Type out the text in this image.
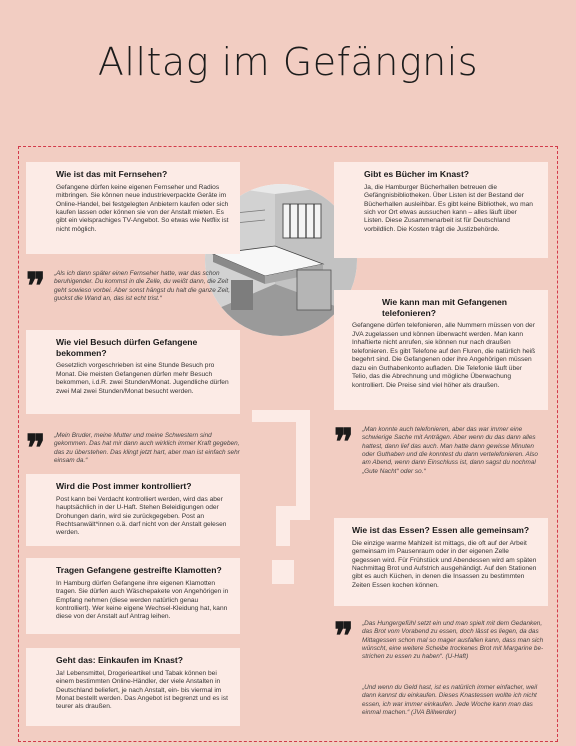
Alltag im Gefängnis
Wie ist das mit Fernsehen?

Gefangene dürfen keine eigenen Fernseher und Radios mitbringen. Sie können neue industrieverpackte Geräte im Online-Handel, bei festgelegten Anbietern kaufen oder sich kaufen lassen oder können sie von der Anstalt mieten. Es gibt ein vielsprachiges TV-Angebot. So etwas wie Netflix ist nicht möglich.

❞ „Als ich dann später einen Fernseher hatte, war das schon beruhigender. Du kommst in die Zelle, du weißt dann, die Zeit geht sowieso vorbei. Aber sonst hängst du halt die ganze Zeit, guckst die Wand an, das ist echt trist.“
Wie viel Besuch dürfen Gefangene bekommen?

Gesetzlich vorgeschrieben ist eine Stunde Besuch pro Monat. Die meisten Gefangenen dürfen mehr Besuch bekommen, i.d.R. zwei Stunden/Monat. Jugendliche dürfen zwei Mal zwei Stunden/Monat besucht werden.

❞ „Mein Bruder, meine Mutter und meine Schwestern sind gekommen. Das hat mir dann auch wirklich immer Kraft gegeben, das zu überstehen. Das klingt jetzt hart, aber man ist einfach sehr einsam da.“
Wird die Post immer kontrolliert?

Post kann bei Verdacht kontrolliert werden, wird das aber hauptsächlich in der U-Haft. Stehen Beleidigungen oder Drohungen darin, wird sie zurückgegeben. Post an Rechtsanwält*innen o.ä. darf nicht von der Anstalt gelesen werden.

Tragen Gefangene gestreifte Klamotten?

In Hamburg dürfen Gefangene ihre eigenen Klamotten tragen. Sie dürfen auch Wäschepakete von Angehörigen in Empfang nehmen (diese werden natürlich genau kontrolliert). Wer keine eigene Wechsel-Kleidung hat, kann diese von der Anstalt auf Antrag leihen.

Geht das: Einkaufen im Knast?

Ja! Lebensmittel, Drogerieartikel und Tabak können bei einem bestimmten Online-Händler, der viele Anstalten in Deutschland beliefert, je nach Anstalt, ein- bis viermal im Monat bestellt werden. Das Angebot ist begrenzt und es ist teurer als draußen.

Gibt es Bücher im Knast?

Ja, die Hamburger Bücherhallen betreuen die Gefängnisbibliotheken. Über Listen ist der Bestand der Bücherhallen ausleihbar. Es gibt keine Bibliothek, wo man sich vor Ort etwas aussuchen kann – alles läuft über Listen. Diese Zusammenarbeit ist für Deutschland vorbildlich. Die Kosten trägt die Justizbehörde.

Wie kann man mit Gefangenen telefonieren?

Gefangene dürfen telefonieren, alle Nummern müssen von der JVA zugelassen und können überwacht werden. Man kann Inhaftierte nicht anrufen, sie können nur nach draußen telefonieren. Es gibt Telefone auf den Fluren, die natürlich heiß begehrt sind. Die Gefangenen oder ihre Angehörigen müssen dazu ein Guthabenkonto aufladen. Die Telefonie läuft über Telio, das die Abrechnung und mögliche Überwachung kontrolliert. Die Preise sind viel höher als draußen.

❞ „Man konnte auch telefonieren, aber das war immer eine schwierige Sache mit Anträgen. Aber wenn du das dann alles hattest, dann lief das auch. Man hatte dann gewisse Minuten oder Guthaben und die konntest du dann vertelefonieren. Also am Abend, wenn dann Einschluss ist, dann sagst du nochmal „Gute Nacht“ oder so.“
Wie ist das Essen? Essen alle gemeinsam?

Die einzige warme Mahlzeit ist mittags, die oft auf der Arbeit gemeinsam im Pausenraum oder in der eigenen Zelle gegessen wird. Für Frühstück und Abendessen wird am späten Nachmittag Brot und Aufstrich ausgehändigt. Auf den Stationen gibt es auch Küchen, in denen die Insassen zu bestimmten Zeiten Essen kochen können.

❞ „Das Hungergefühl setzt ein und man spielt mit dem Gedanken, das Brot vom Vorabend zu essen, doch lässt es liegen, da das Mittagessen schon mal so mager ausfallen kann, dass man sich wünscht, eine weitere Scheibe trockenes Brot mit Margarine bestrichen zu essen zu haben“. (U-Haft)
„Und wenn du Geld hast, ist es natürlich immer einfacher, weil dann kannst du einkaufen. Dieses Knastessen wollte ich nicht essen, ich war immer einkaufen. Jede Woche kann man das einmal machen.“ (JVA Billwerder)
